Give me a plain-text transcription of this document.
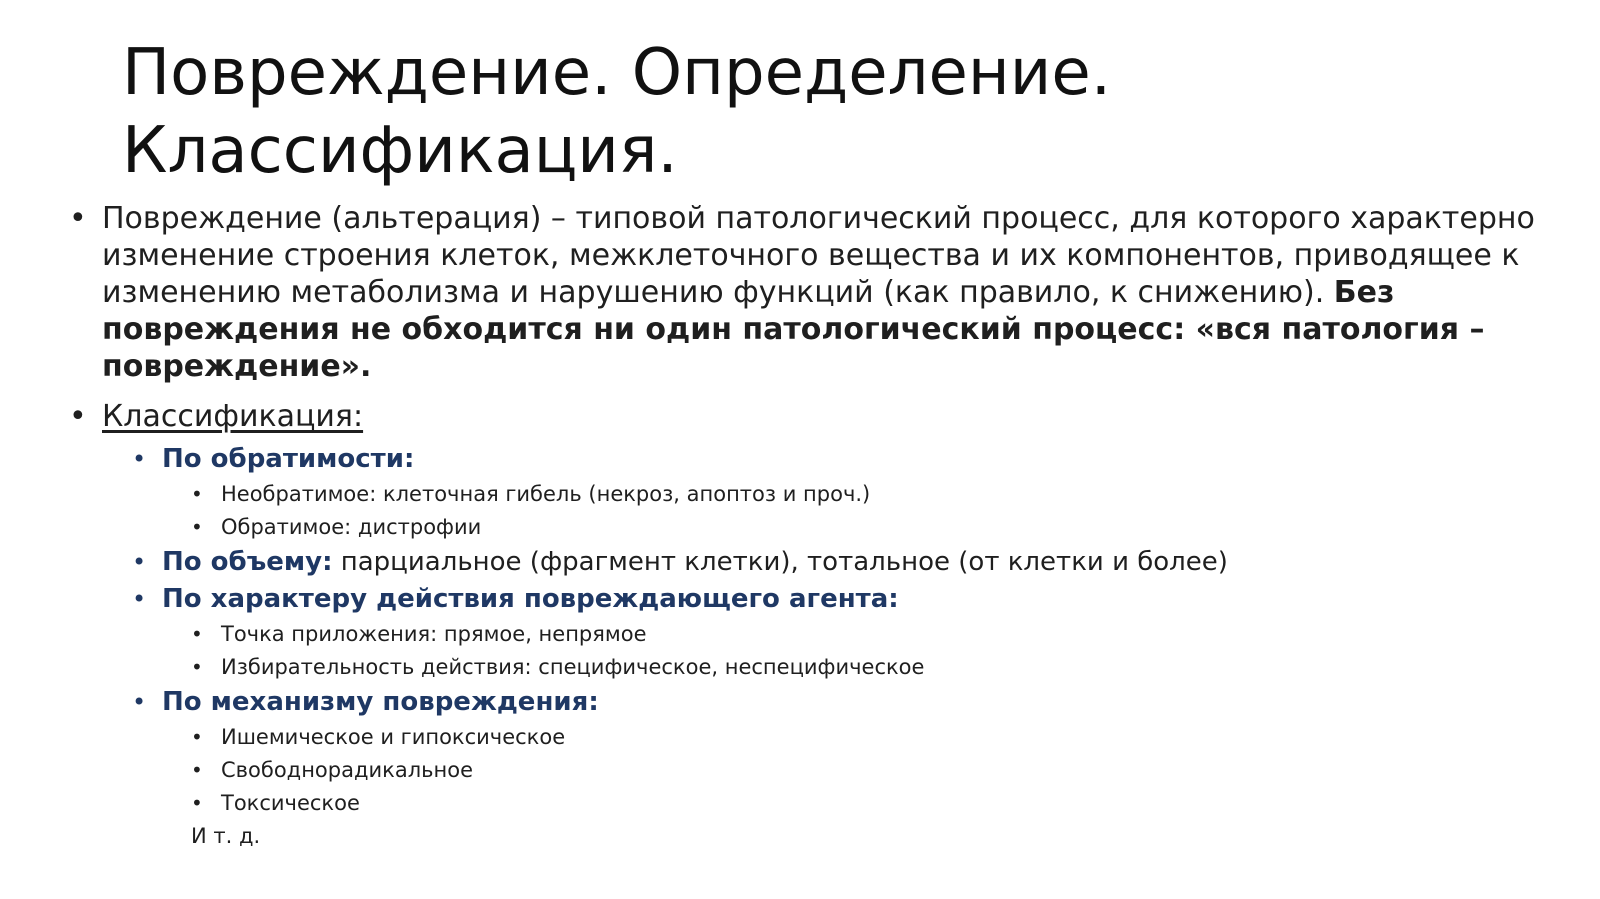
Повреждение. Определение.
Классификация.
• Повреждение (альтерация) – типовой патологический процесс, для которого характерно
изменение строения клеток, межклеточного вещества и их компонентов, приводящее к
изменению метаболизма и нарушению функций (как правило, к снижению). Без
повреждения не обходится ни один патологический процесс: «вся патология –
повреждение».
• Классификация:
• По обратимости:
• Необратимое: клеточная гибель (некроз, апоптоз и проч.)
• Обратимое: дистрофии
• По объему: парциальное (фрагмент клетки), тотальное (от клетки и более)
• По характеру действия повреждающего агента:
• Точка приложения: прямое, непрямое
• Избирательность действия: специфическое, неспецифическое
• По механизму повреждения:
• Ишемическое и гипоксическое
• Свободнорадикальное
• Токсическое
И т. д.
